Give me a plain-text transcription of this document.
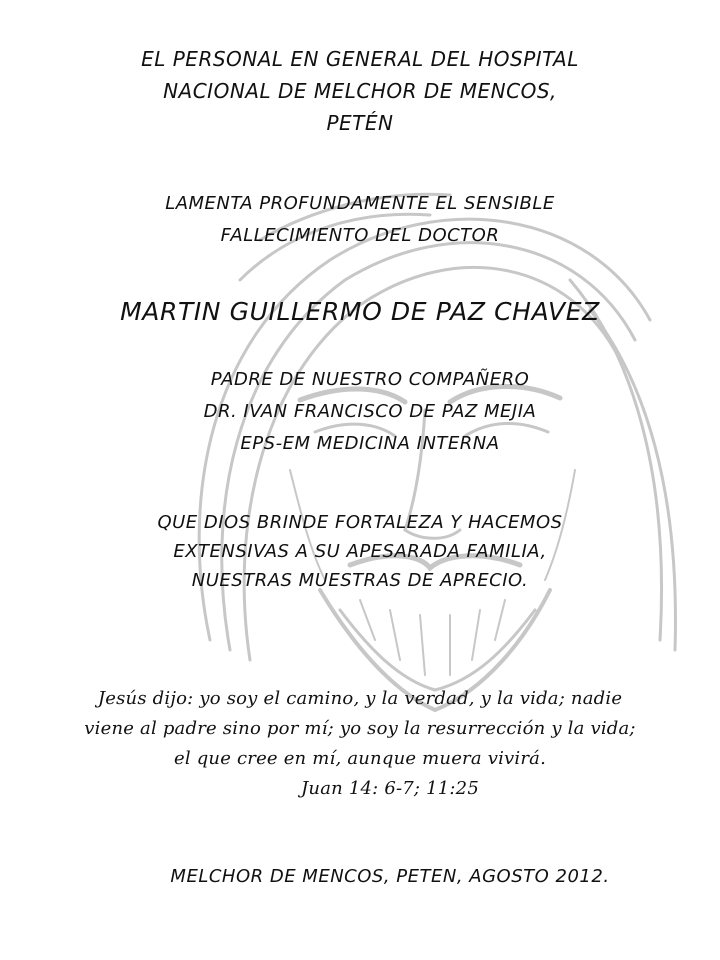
EL PERSONAL EN GENERAL DEL HOSPITAL
NACIONAL DE MELCHOR DE MENCOS,
PETÉN
LAMENTA PROFUNDAMENTE EL SENSIBLE
FALLECIMIENTO DEL DOCTOR
MARTIN GUILLERMO DE PAZ CHAVEZ
PADRE DE NUESTRO COMPAÑERO
DR. IVAN FRANCISCO DE PAZ MEJIA
EPS-EM MEDICINA INTERNA
QUE DIOS BRINDE FORTALEZA Y HACEMOS
EXTENSIVAS A SU APESARADA FAMILIA,
NUESTRAS MUESTRAS DE APRECIO.
Jesús dijo: yo soy el camino, y la verdad, y la vida; nadie
viene al padre sino por mí; yo soy la resurrección y la vida;
el que cree en mí, aunque muera vivirá.
Juan 14: 6-7; 11:25
MELCHOR DE MENCOS, PETEN, AGOSTO 2012.
